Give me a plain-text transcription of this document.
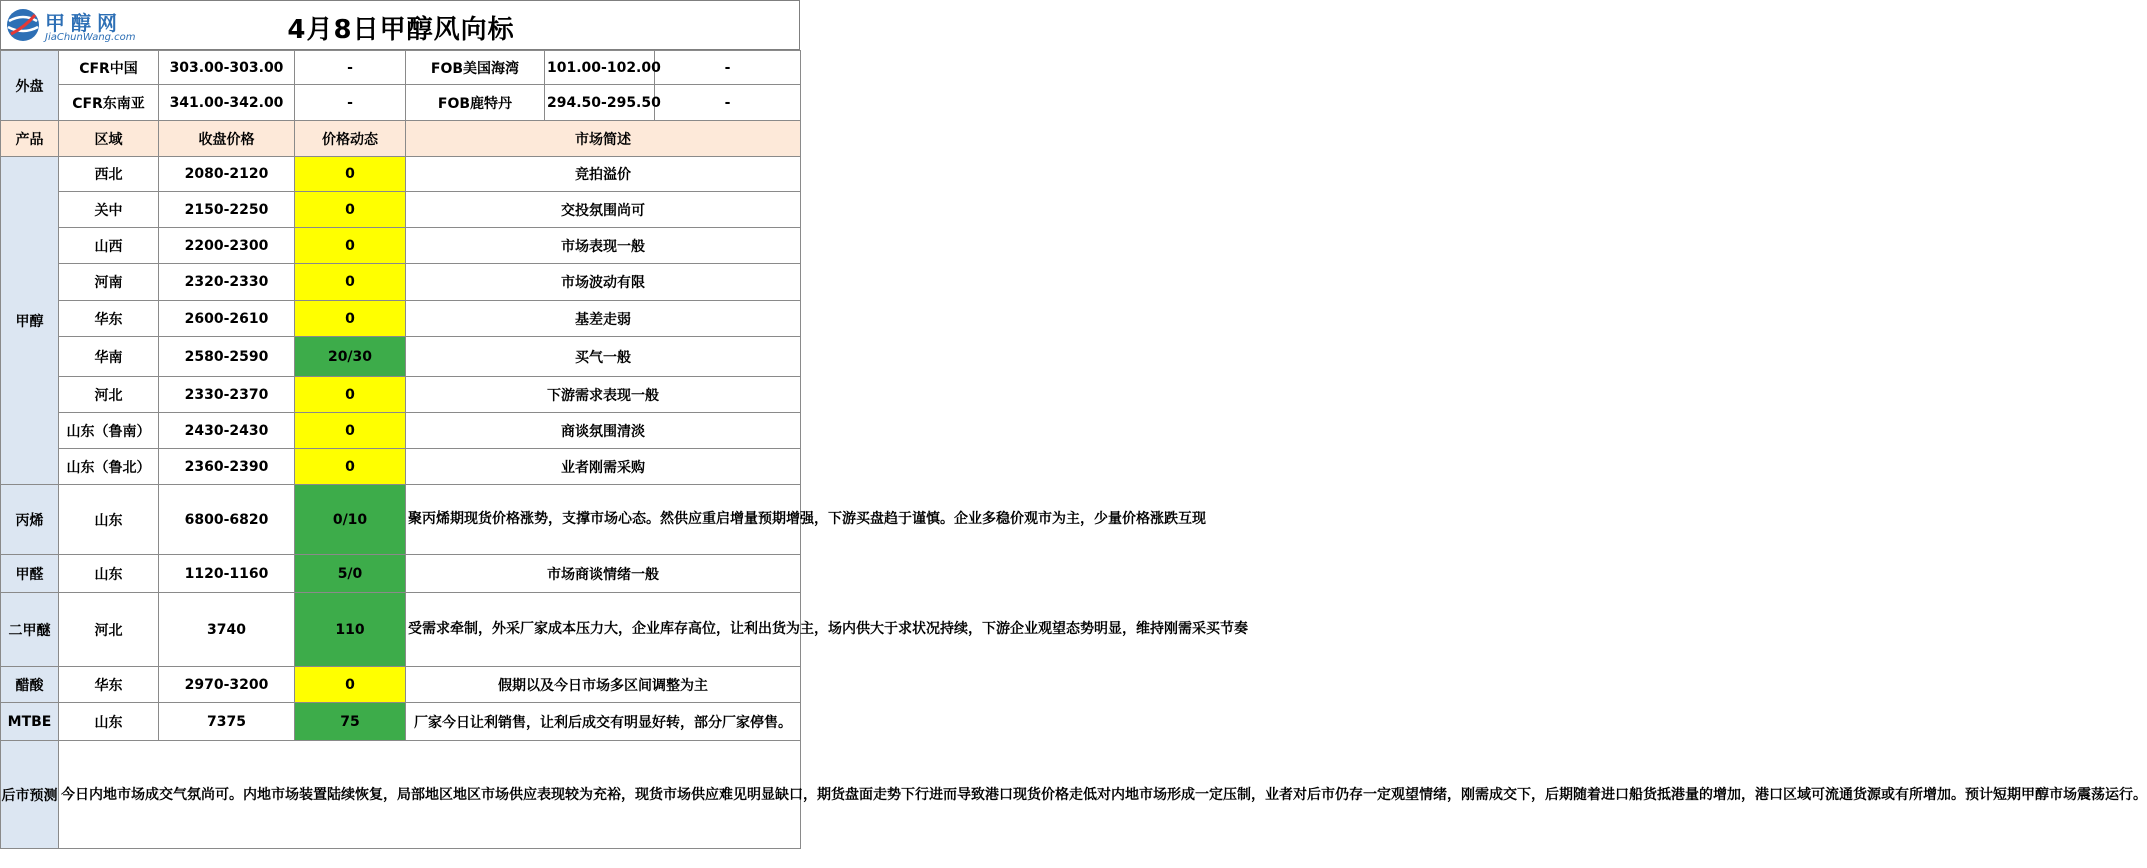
甲醇网
JiaChunWang.com	4月8日甲醇风向标
外盘	CFR中国	303.00-303.00	-	FOB美国海湾	101.00-102.00	-
	CFR东南亚	341.00-342.00	-	FOB鹿特丹	294.50-295.50	-
产品	区域	收盘价格	价格动态	市场简述		
甲醇	西北	2080-2120	0	竞拍溢价		
	关中	2150-2250	0	交投氛围尚可		
	山西	2200-2300	0	市场表现一般		
	河南	2320-2330	0	市场波动有限		
	华东	2600-2610	0	基差走弱		
	华南	2580-2590	20/30	买气一般		
	河北	2330-2370	0	下游需求表现一般		
	山东（鲁南）	2430-2430	0	商谈氛围清淡		
	山东（鲁北）	2360-2390	0	业者刚需采购		
丙烯	山东	6800-6820	0/10	聚丙烯期现货价格涨势，支撑市场心态。然供应重启增量预期增强，下游买盘趋于谨慎。企业多稳价观市为主，少量价格涨跌互现		
甲醛	山东	1120-1160	5/0	市场商谈情绪一般		
二甲醚	河北	3740	110	受需求牵制，外采厂家成本压力大，企业库存高位，让利出货为主，场内供大于求状况持续，下游企业观望态势明显，维持刚需采买节奏		
醋酸	华东	2970-3200	0	假期以及今日市场多区间调整为主		
MTBE	山东	7375	75	厂家今日让利销售，让利后成交有明显好转，部分厂家停售。		
后市预测	今日内地市场成交气氛尚可。内地市场装置陆续恢复，局部地区地区市场供应表现较为充裕，现货市场供应难见明显缺口，期货盘面走势下行进而导致港口现货价格走低对内地市场形成一定压制，业者对后市仍存一定观望情绪，刚需成交下，后期随着进口船货抵港量的增加，港口区域可流通货源或有所增加。预计短期甲醇市场震荡运行。					
